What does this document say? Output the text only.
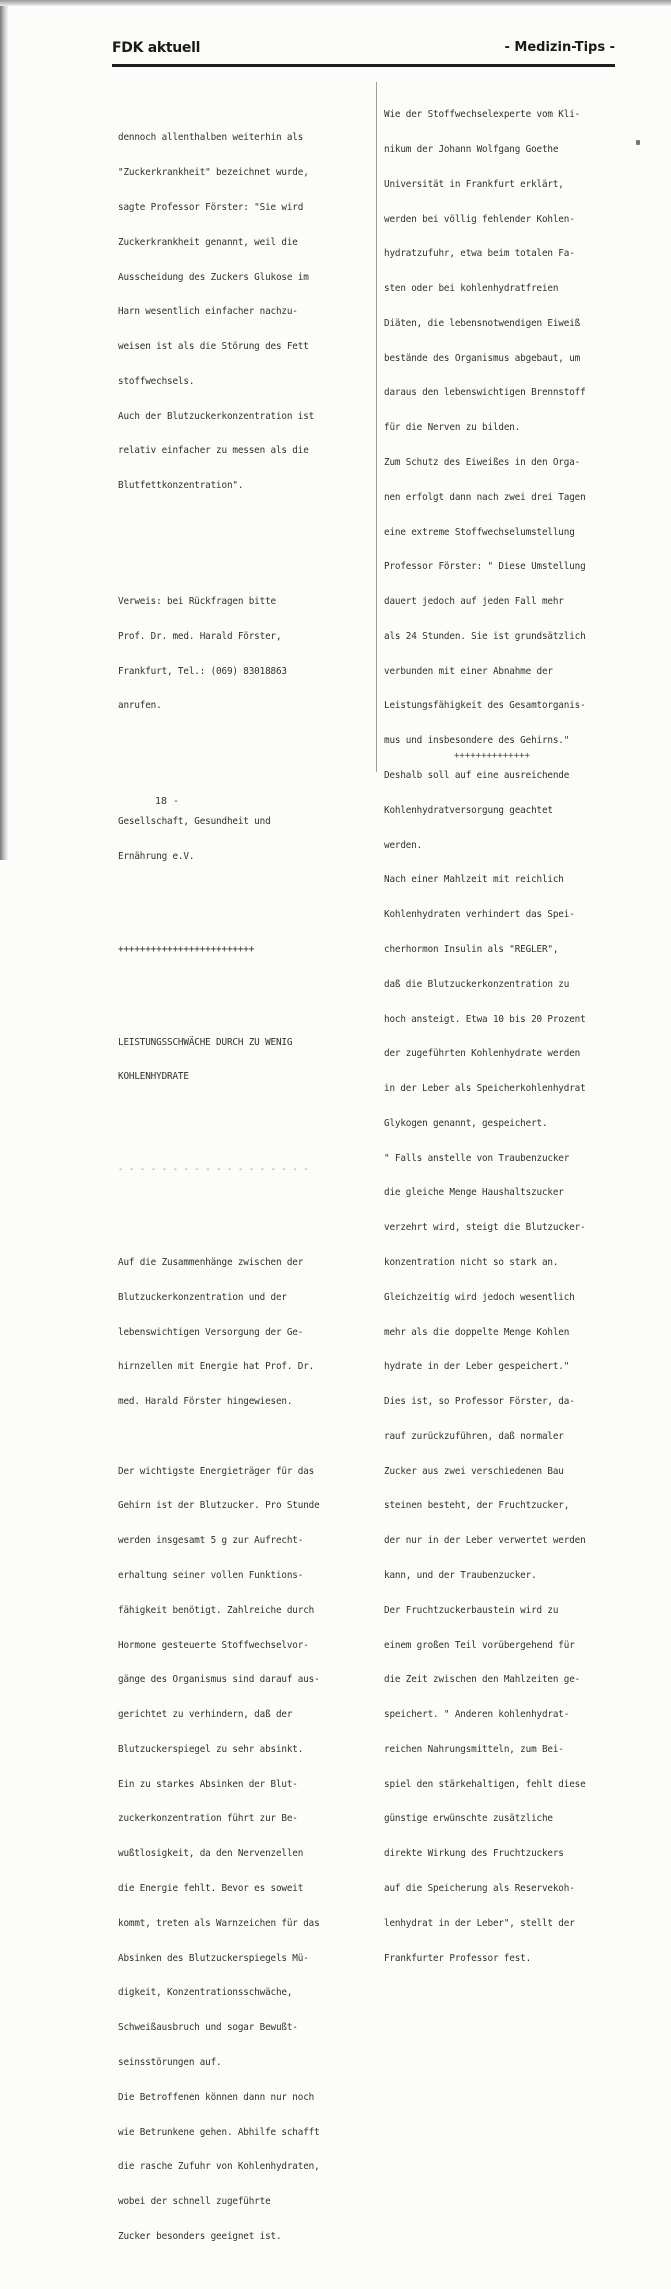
FDK aktuell	- Medizin-Tips -

dennoch allenthalben weiterhin als

"Zuckerkrankheit" bezeichnet wurde,

sagte Professor Förster: "Sie wird

Zuckerkrankheit genannt, weil die

Ausscheidung des Zuckers Glukose im

Harn wesentlich einfacher nachzu-

weisen ist als die Störung des Fett

stoffwechsels.

Auch der Blutzuckerkonzentration ist

relativ einfacher zu messen als die

Blutfettkonzentration".

Verweis: bei Rückfragen bitte

Prof. Dr. med. Harald Förster,

Frankfurt, Tel.: (069) 83018863

anrufen.

Gesellschaft, Gesundheit und

Ernährung e.V.

+++++++++++++++++++++++++

LEISTUNGSSCHWÄCHE DURCH ZU WENIG

KOHLENHYDRATE

- - - - - - - - - - - - - - - - - -

Auf die Zusammenhänge zwischen der

Blutzuckerkonzentration und der

lebenswichtigen Versorgung der Ge-

hirnzellen mit Energie hat Prof. Dr.

med. Harald Förster hingewiesen.

Der wichtigste Energieträger für das

Gehirn ist der Blutzucker. Pro Stunde

werden insgesamt 5 g zur Aufrecht-

erhaltung seiner vollen Funktions-

fähigkeit benötigt. Zahlreiche durch

Hormone gesteuerte Stoffwechselvor-

gänge des Organismus sind darauf aus-

gerichtet zu verhindern, daß der

Blutzuckerspiegel zu sehr absinkt.

Ein zu starkes Absinken der Blut-

zuckerkonzentration führt zur Be-

wußtlosigkeit, da den Nervenzellen

die Energie fehlt. Bevor es soweit

kommt, treten als Warnzeichen für das

Absinken des Blutzuckerspiegels Mü-

digkeit, Konzentrationsschwäche,

Schweißausbruch und sogar Bewußt-

seinsstörungen auf.

Die Betroffenen können dann nur noch

wie Betrunkene gehen. Abhilfe schafft

die rasche Zufuhr von Kohlenhydraten,

wobei der schnell zugeführte

Zucker besonders geeignet ist.

Wie der Stoffwechselexperte vom Kli-

nikum der Johann Wolfgang Goethe

Universität in Frankfurt erklärt,

werden bei völlig fehlender Kohlen-

hydratzufuhr, etwa beim totalen Fa-

sten oder bei kohlenhydratfreien

Diäten, die lebensnotwendigen Eiweiß

bestände des Organismus abgebaut, um

daraus den lebenswichtigen Brennstoff

für die Nerven zu bilden.

Zum Schutz des Eiweißes in den Orga-

nen erfolgt dann nach zwei drei Tagen

eine extreme Stoffwechselumstellung

Professor Förster: " Diese Umstellung

dauert jedoch auf jeden Fall mehr

als 24 Stunden. Sie ist grundsätzlich

verbunden mit einer Abnahme der

Leistungsfähigkeit des Gesamtorganis-

mus und insbesondere des Gehirns."

Deshalb soll auf eine ausreichende

Kohlenhydratversorgung geachtet

werden.

Nach einer Mahlzeit mit reichlich

Kohlenhydraten verhindert das Spei-

cherhormon Insulin als "REGLER",

daß die Blutzuckerkonzentration zu

hoch ansteigt. Etwa 10 bis 20 Prozent

der zugeführten Kohlenhydrate werden

in der Leber als Speicherkohlenhydrat

Glykogen genannt, gespeichert.

" Falls anstelle von Traubenzucker

die gleiche Menge Haushaltszucker

verzehrt wird, steigt die Blutzucker-

konzentration nicht so stark an.

Gleichzeitig wird jedoch wesentlich

mehr als die doppelte Menge Kohlen

hydrate in der Leber gespeichert."

Dies ist, so Professor Förster, da-

rauf zurückzuführen, daß normaler

Zucker aus zwei verschiedenen Bau

steinen besteht, der Fruchtzucker,

der nur in der Leber verwertet werden

kann, und der Traubenzucker.

Der Fruchtzuckerbaustein wird zu

einem großen Teil vorübergehend für

die Zeit zwischen den Mahlzeiten ge-

speichert. " Anderen kohlenhydrat-

reichen Nahrungsmitteln, zum Bei-

spiel den stärkehaltigen, fehlt diese

günstige erwünschte zusätzliche

direkte Wirkung des Fruchtzuckers

auf die Speicherung als Reservekoh-

lenhydrat in der Leber", stellt der

Frankfurter Professor fest.

++++++++++++++
18 -
